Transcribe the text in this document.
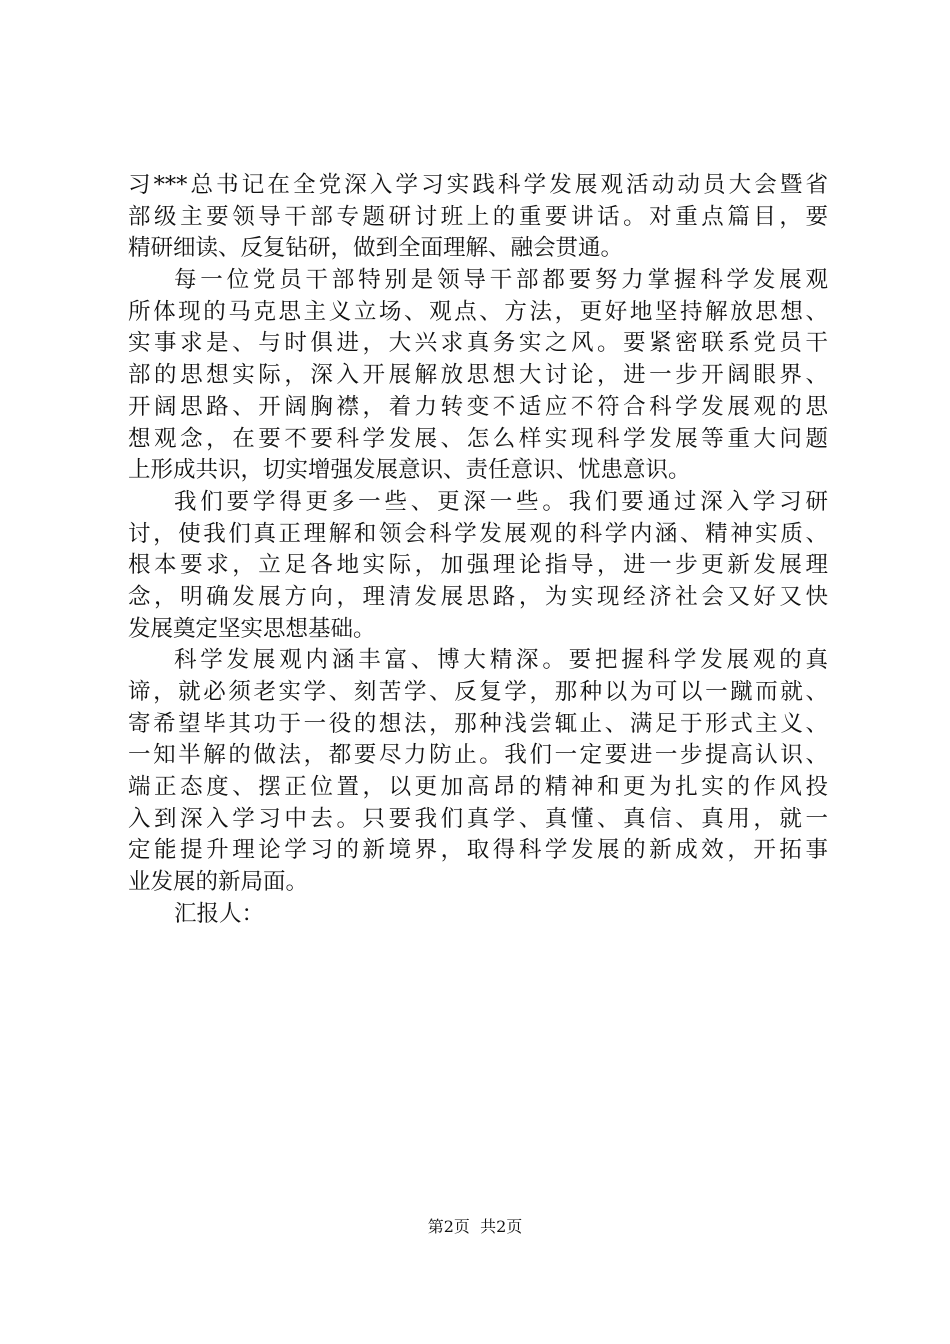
习***总书记在全党深入学习实践科学发展观活动动员大会暨省
部级主要领导干部专题研讨班上的重要讲话。对重点篇目，要
精研细读、反复钻研，做到全面理解、融会贯通。
每一位党员干部特别是领导干部都要努力掌握科学发展观
所体现的马克思主义立场、观点、方法，更好地坚持解放思想、
实事求是、与时俱进，大兴求真务实之风。要紧密联系党员干
部的思想实际，深入开展解放思想大讨论，进一步开阔眼界、
开阔思路、开阔胸襟，着力转变不适应不符合科学发展观的思
想观念，在要不要科学发展、怎么样实现科学发展等重大问题
上形成共识，切实增强发展意识、责任意识、忧患意识。
我们要学得更多一些、更深一些。我们要通过深入学习研
讨，使我们真正理解和领会科学发展观的科学内涵、精神实质、
根本要求，立足各地实际，加强理论指导，进一步更新发展理
念，明确发展方向，理清发展思路，为实现经济社会又好又快
发展奠定坚实思想基础。
科学发展观内涵丰富、博大精深。要把握科学发展观的真
谛，就必须老实学、刻苦学、反复学，那种以为可以一蹴而就、
寄希望毕其功于一役的想法，那种浅尝辄止、满足于形式主义、
一知半解的做法，都要尽力防止。我们一定要进一步提高认识、
端正态度、摆正位置，以更加高昂的精神和更为扎实的作风投
入到深入学习中去。只要我们真学、真懂、真信、真用，就一
定能提升理论学习的新境界，取得科学发展的新成效，开拓事
业发展的新局面。
汇报人：
第2页  共2页
